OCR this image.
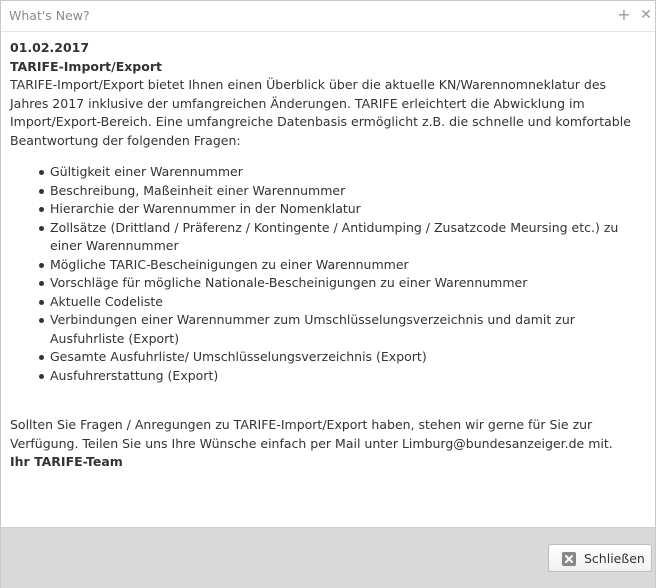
What's New?	+ ✕
01.02.2017
TARIFE-Import/Export

TARIFE-Import/Export bietet Ihnen einen Überblick über die aktuelle KN/Warennomneklatur des Jahres 2017 inklusive der umfangreichen Änderungen. TARIFE erleichtert die Abwicklung im Import/Export-Bereich. Eine umfangreiche Datenbasis ermöglicht z.B. die schnelle und komfortable Beantwortung der folgenden Fragen:

Gültigkeit einer Warennummer
Beschreibung, Maßeinheit einer Warennummer
Hierarchie der Warennummer in der Nomenklatur
Zollsätze (Drittland / Präferenz / Kontingente / Antidumping / Zusatzcode Meursing etc.) zu einer Warennummer
Mögliche TARIC-Bescheinigungen zu einer Warennummer
Vorschläge für mögliche Nationale-Bescheinigungen zu einer Warennummer
Aktuelle Codeliste
Verbindungen einer Warennummer zum Umschlüsselungsverzeichnis und damit zur Ausfuhrliste (Export)
Gesamte Ausfuhrliste/ Umschlüsselungsverzeichnis (Export)
Ausfuhrerstattung (Export)

Sollten Sie Fragen / Anregungen zu TARIFE-Import/Export haben, stehen wir gerne für Sie zur Verfügung. Teilen Sie uns Ihre Wünsche einfach per Mail unter Limburg@bundesanzeiger.de mit.

Ihr TARIFE-Team
Schließen
